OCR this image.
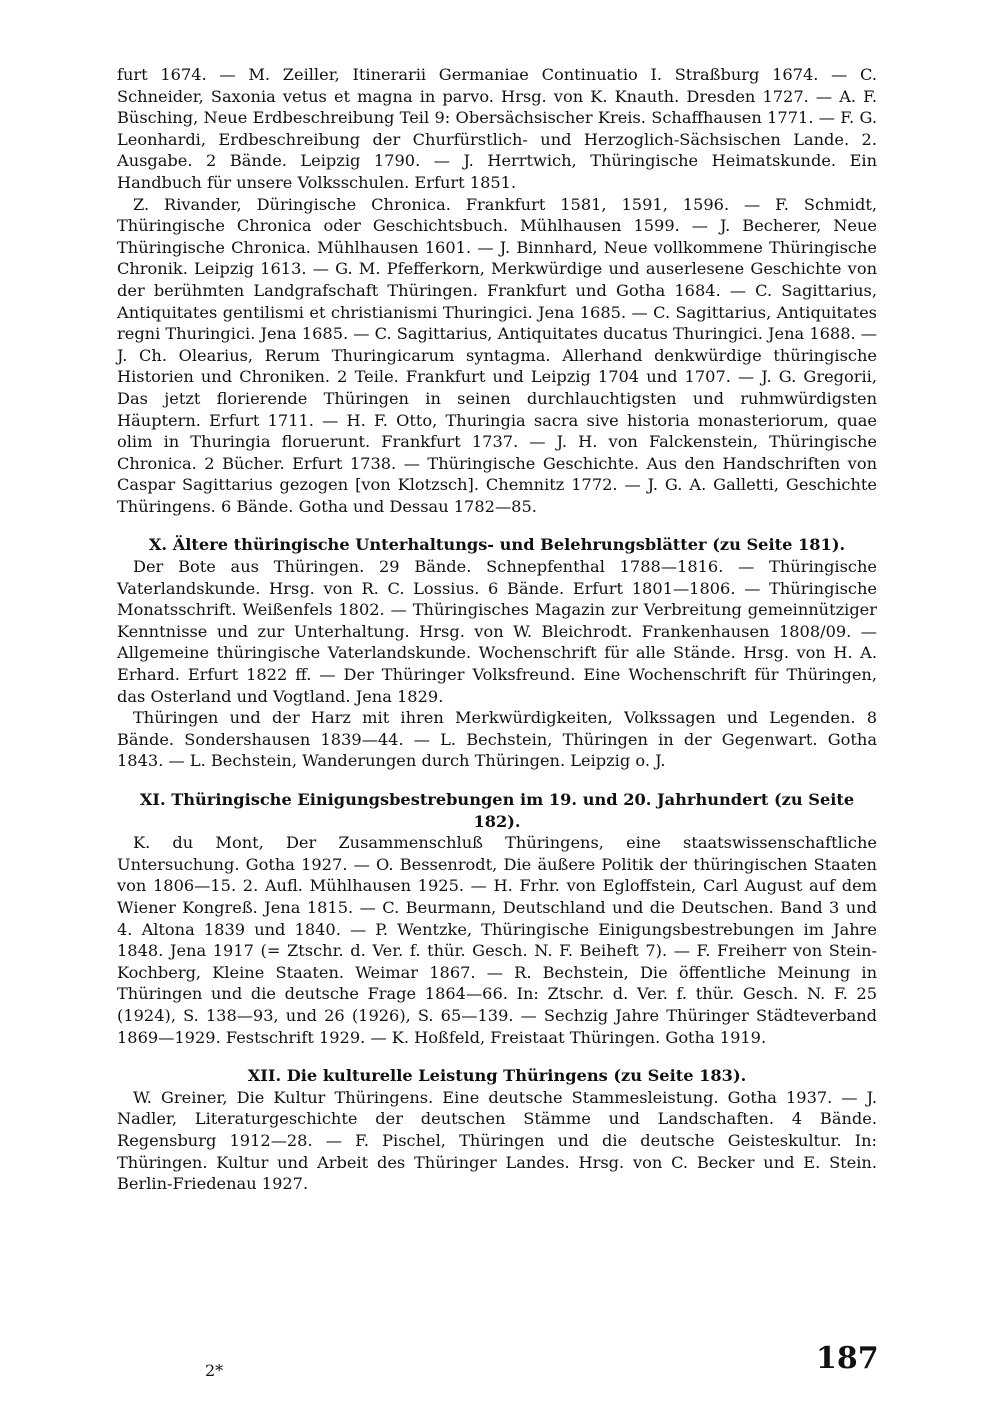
furt 1674. — M. Zeiller, Itinerarii Germaniae Continuatio I. Straßburg 1674. — C. Schneider, Saxonia vetus et magna in parvo. Hrsg. von K. Knauth. Dresden 1727. — A. F. Büsching, Neue Erdbeschreibung Teil 9: Obersächsischer Kreis. Schaffhausen 1771. — F. G. Leonhardi, Erdbeschreibung der Churfürstlich- und Herzoglich-Sächsischen Lande. 2. Ausgabe. 2 Bände. Leipzig 1790. — J. Herrtwich, Thüringische Heimatskunde. Ein Handbuch für unsere Volksschulen. Erfurt 1851.

Z. Rivander, Düringische Chronica. Frankfurt 1581, 1591, 1596. — F. Schmidt, Thüringische Chronica oder Geschichtsbuch. Mühlhausen 1599. — J. Becherer, Neue Thüringische Chronica. Mühlhausen 1601. — J. Binnhard, Neue vollkommene Thüringische Chronik. Leipzig 1613. — G. M. Pfefferkorn, Merkwürdige und auserlesene Geschichte von der berühmten Landgrafschaft Thüringen. Frankfurt und Gotha 1684. — C. Sagittarius, Antiquitates gentilismi et christianismi Thuringici. Jena 1685. — C. Sagittarius, Antiquitates regni Thuringici. Jena 1685. — C. Sagittarius, Antiquitates ducatus Thuringici. Jena 1688. — J. Ch. Olearius, Rerum Thuringicarum syntagma. Allerhand denkwürdige thüringische Historien und Chroniken. 2 Teile. Frankfurt und Leipzig 1704 und 1707. — J. G. Gregorii, Das jetzt florierende Thüringen in seinen durchlauchtigsten und ruhmwürdigsten Häuptern. Erfurt 1711. — H. F. Otto, Thuringia sacra sive historia monasteriorum, quae olim in Thuringia floruerunt. Frankfurt 1737. — J. H. von Falckenstein, Thüringische Chronica. 2 Bücher. Erfurt 1738. — Thüringische Geschichte. Aus den Handschriften von Caspar Sagittarius gezogen [von Klotzsch]. Chemnitz 1772. — J. G. A. Galletti, Geschichte Thüringens. 6 Bände. Gotha und Dessau 1782—85.

X. Ältere thüringische Unterhaltungs- und Belehrungsblätter (zu Seite 181).

Der Bote aus Thüringen. 29 Bände. Schnepfenthal 1788—1816. — Thüringische Vaterlandskunde. Hrsg. von R. C. Lossius. 6 Bände. Erfurt 1801—1806. — Thüringische Monatsschrift. Weißenfels 1802. — Thüringisches Magazin zur Verbreitung gemeinnütziger Kenntnisse und zur Unterhaltung. Hrsg. von W. Bleichrodt. Frankenhausen 1808/09. — Allgemeine thüringische Vaterlandskunde. Wochenschrift für alle Stände. Hrsg. von H. A. Erhard. Erfurt 1822 ff. — Der Thüringer Volksfreund. Eine Wochenschrift für Thüringen, das Osterland und Vogtland. Jena 1829.

Thüringen und der Harz mit ihren Merkwürdigkeiten, Volkssagen und Legenden. 8 Bände. Sondershausen 1839—44. — L. Bechstein, Thüringen in der Gegenwart. Gotha 1843. — L. Bechstein, Wanderungen durch Thüringen. Leipzig o. J.

XI. Thüringische Einigungsbestrebungen im 19. und 20. Jahrhundert (zu Seite 182).

K. du Mont, Der Zusammenschluß Thüringens, eine staatswissenschaftliche Untersuchung. Gotha 1927. — O. Bessenrodt, Die äußere Politik der thüringischen Staaten von 1806—15. 2. Aufl. Mühlhausen 1925. — H. Frhr. von Egloffstein, Carl August auf dem Wiener Kongreß. Jena 1815. — C. Beurmann, Deutschland und die Deutschen. Band 3 und 4. Altona 1839 und 1840. — P. Wentzke, Thüringische Einigungsbestrebungen im Jahre 1848. Jena 1917 (= Ztschr. d. Ver. f. thür. Gesch. N. F. Beiheft 7). — F. Freiherr von Stein-Kochberg, Kleine Staaten. Weimar 1867. — R. Bechstein, Die öffentliche Meinung in Thüringen und die deutsche Frage 1864—66. In: Ztschr. d. Ver. f. thür. Gesch. N. F. 25 (1924), S. 138—93, und 26 (1926), S. 65—139. — Sechzig Jahre Thüringer Städteverband 1869—1929. Festschrift 1929. — K. Hoßfeld, Freistaat Thüringen. Gotha 1919.

XII. Die kulturelle Leistung Thüringens (zu Seite 183).

W. Greiner, Die Kultur Thüringens. Eine deutsche Stammesleistung. Gotha 1937. — J. Nadler, Literaturgeschichte der deutschen Stämme und Landschaften. 4 Bände. Regensburg 1912—28. — F. Pischel, Thüringen und die deutsche Geisteskultur. In: Thüringen. Kultur und Arbeit des Thüringer Landes. Hrsg. von C. Becker und E. Stein. Berlin-Friedenau 1927.

2*	187
